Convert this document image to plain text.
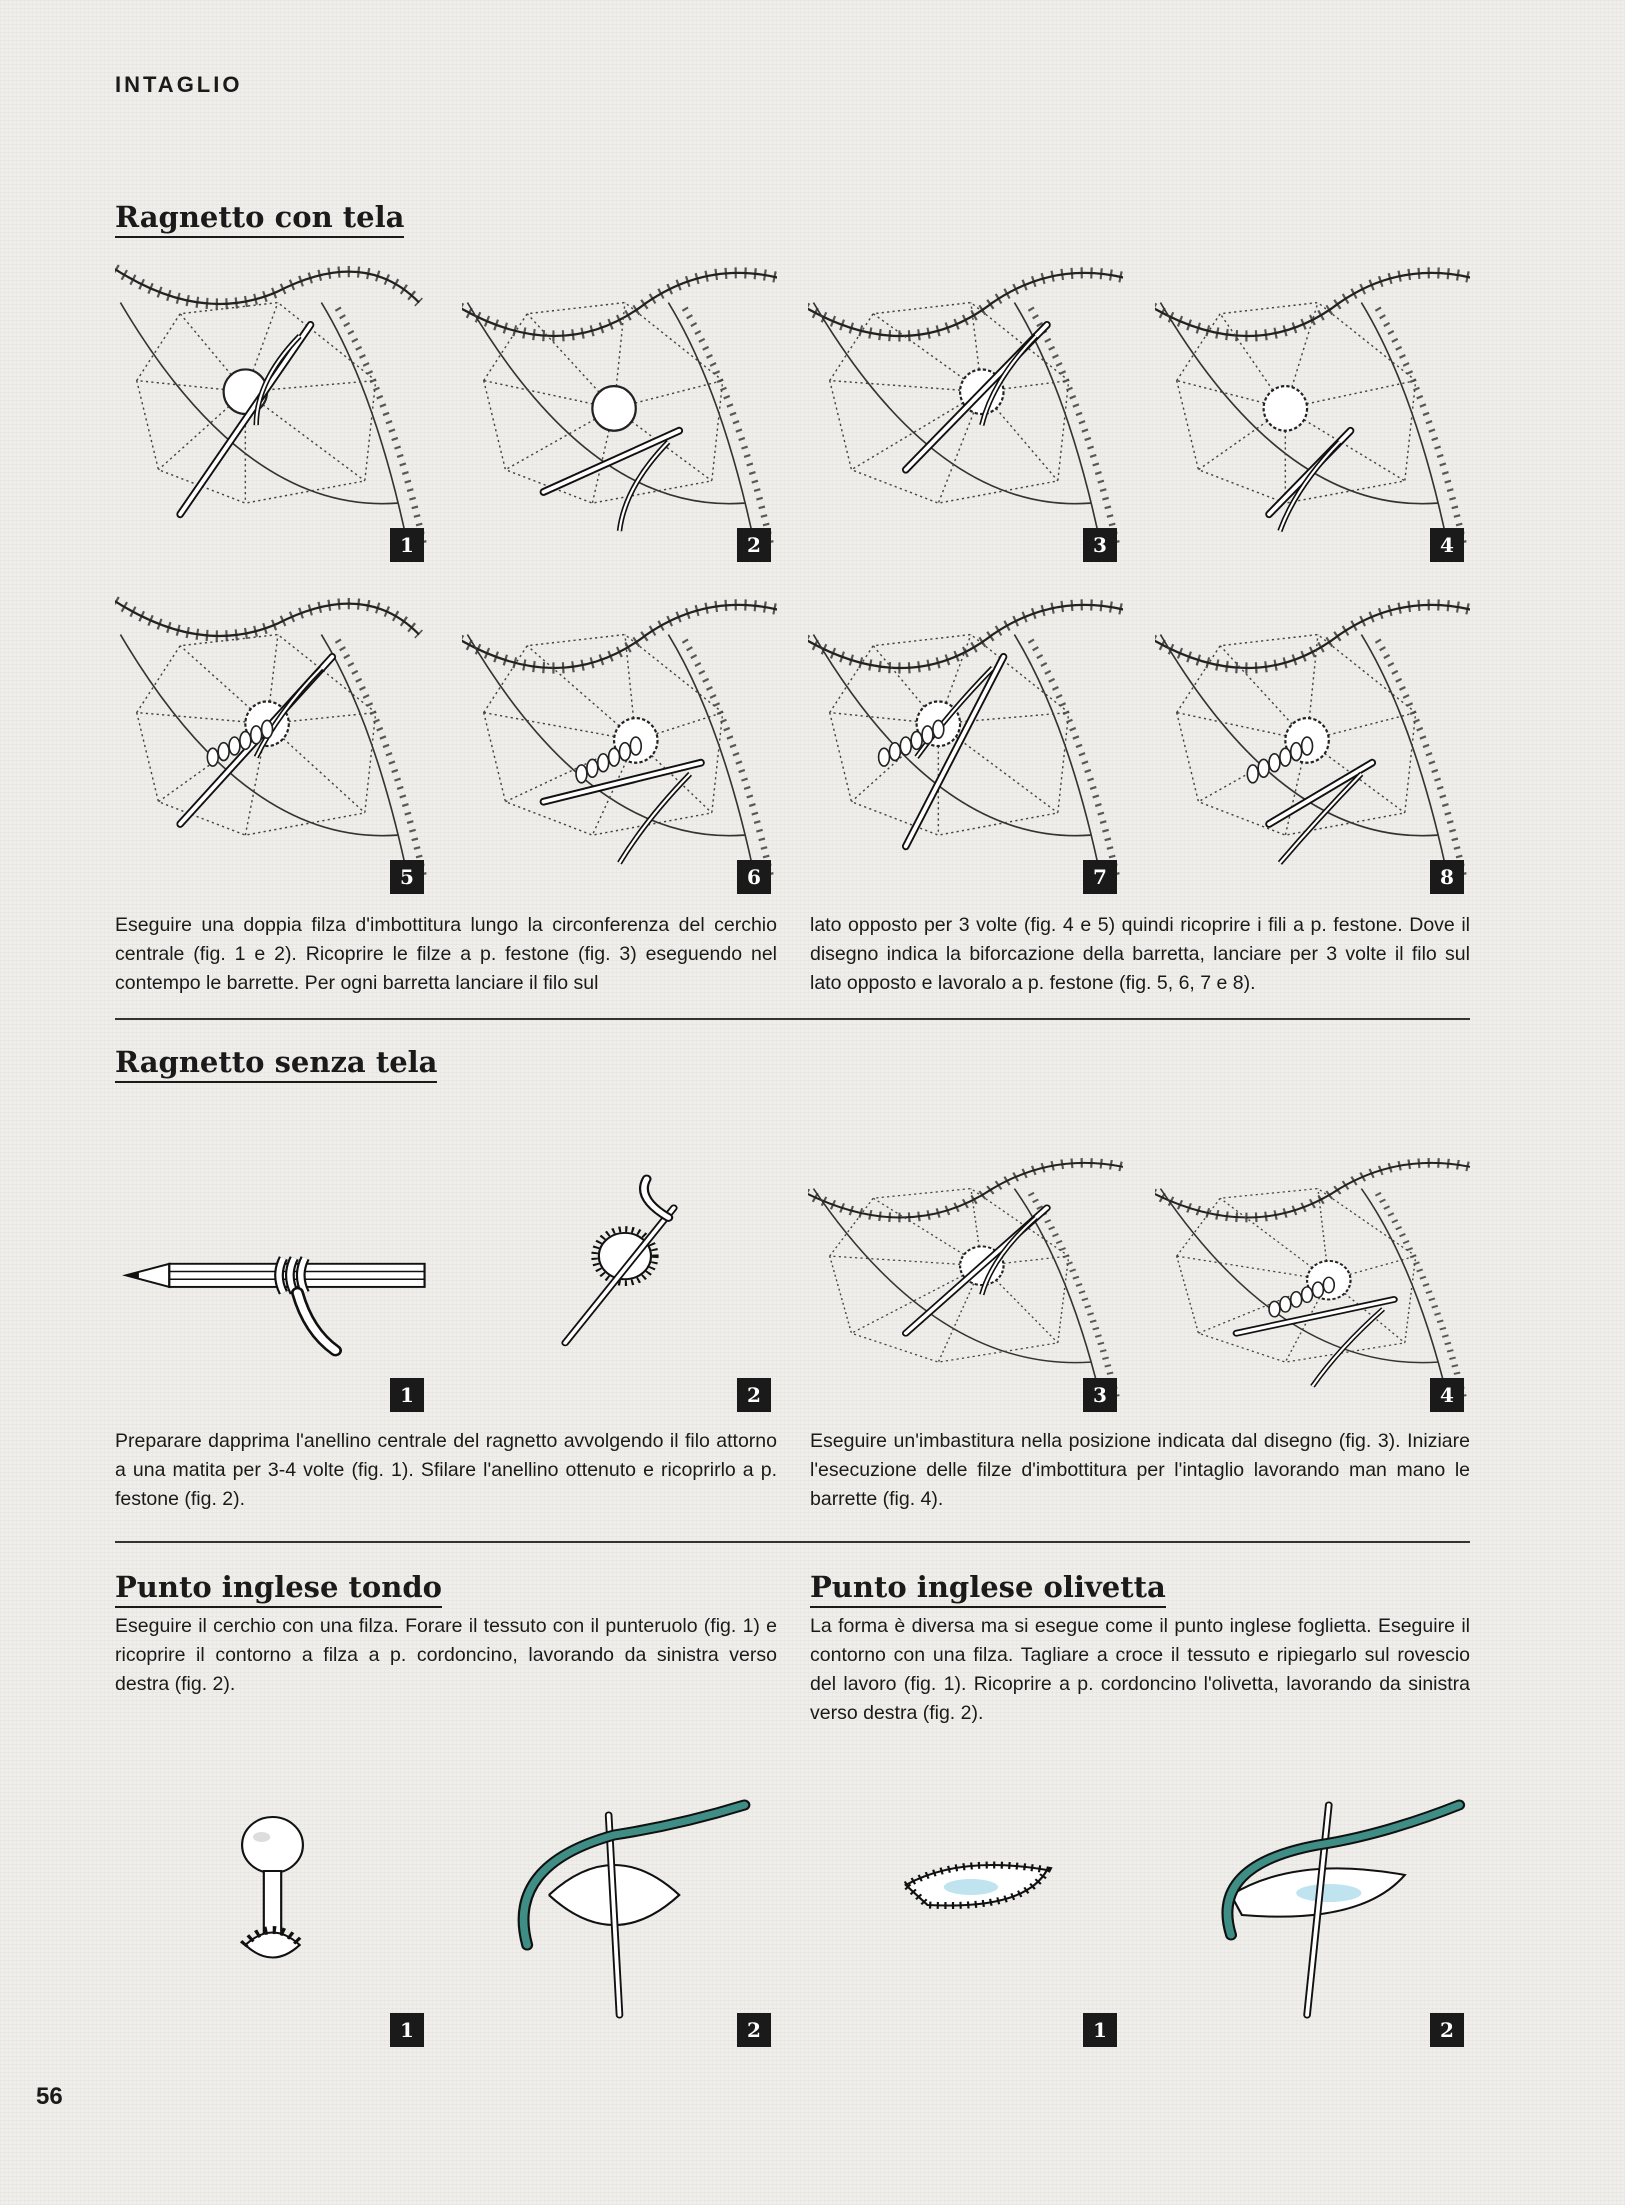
INTAGLIO
Ragnetto con tela
Eseguire una doppia filza d'imbottitura lungo la circonferenza del cerchio centrale (fig. 1 e 2). Ricoprire le filze a p. festone (fig. 3) eseguendo nel contempo le barrette. Per ogni barretta lanciare il filo sul
lato opposto per 3 volte (fig. 4 e 5) quindi ricoprire i fili a p. festone. Dove il disegno indica la biforcazione della barretta, lanciare per 3 volte il filo sul lato opposto e lavoralo a p. festone (fig. 5, 6, 7 e 8).
Ragnetto senza tela
Preparare dapprima l'anellino centrale del ragnetto avvolgendo il filo attorno a una matita per 3-4 volte (fig. 1). Sfilare l'anellino ottenuto e ricoprirlo a p. festone (fig. 2).
Eseguire un'imbastitura nella posizione indicata dal disegno (fig. 3). Iniziare l'esecuzione delle filze d'imbottitura per l'intaglio lavorando man mano le barrette (fig. 4).
Punto inglese tondo
Eseguire il cerchio con una filza. Forare il tessuto con il punteruolo (fig. 1) e ricoprire il contorno a filza a p. cordoncino, lavorando da sinistra verso destra (fig. 2).
Punto inglese olivetta
La forma è diversa ma si esegue come il punto inglese foglietta. Eseguire il contorno con una filza. Tagliare a croce il tessuto e ripiegarlo sul rovescio del lavoro (fig. 1). Ricoprire a p. cordoncino l'olivetta, lavorando da sinistra verso destra (fig. 2).
56
1	2	3	4
5	6	7	8
1	2	3	4
1	2	1	2
